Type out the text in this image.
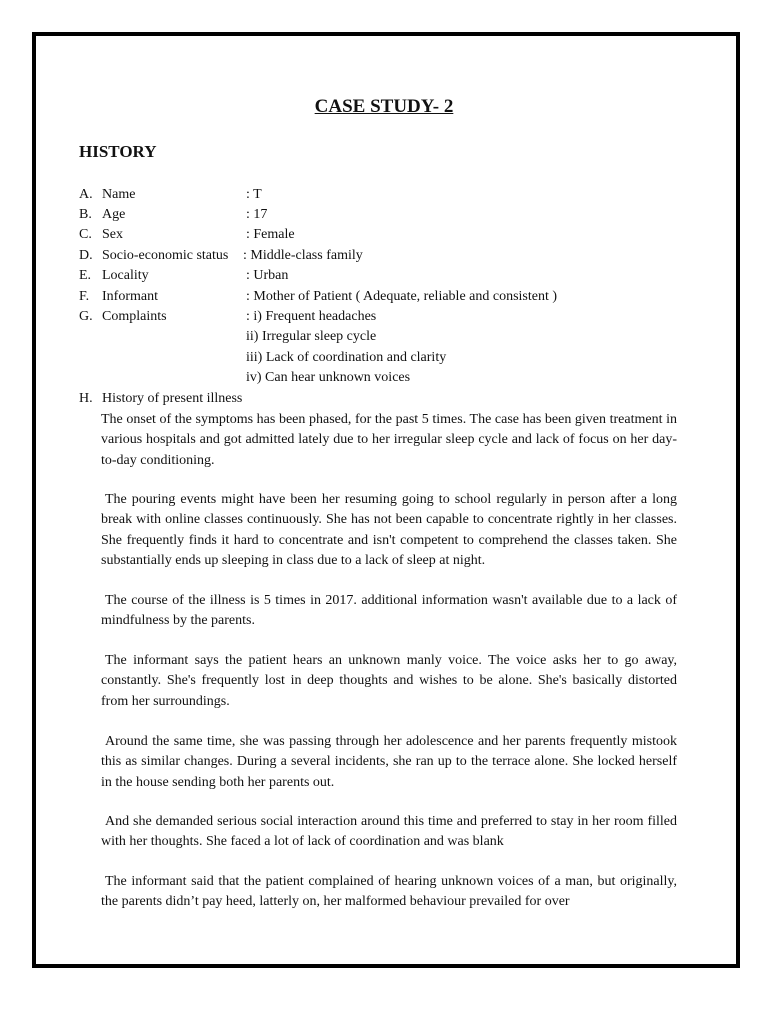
CASE STUDY- 2
HISTORY
A. Name	: T
B. Age	: 17
C. Sex	: Female
D. Socio-economic status : Middle-class family
E. Locality	: Urban
F. Informant	: Mother of Patient ( Adequate, reliable and consistent )
G. Complaints	: i) Frequent headaches
ii) Irregular sleep cycle
iii) Lack of coordination and clarity
iv) Can hear unknown voices
H. History of present illness

The onset of the symptoms has been phased, for the past 5 times. The case has been given treatment in various hospitals and got admitted lately due to her irregular sleep cycle and lack of focus on her day-to-day conditioning.

The pouring events might have been her resuming going to school regularly in person after a long break with online classes continuously. She has not been capable to concentrate rightly in her classes. She frequently finds it hard to concentrate and isn't competent to comprehend the classes taken. She substantially ends up sleeping in class due to a lack of sleep at night.

The course of the illness is 5 times in 2017. additional information wasn't available due to a lack of mindfulness by the parents.

The informant says the patient hears an unknown manly voice. The voice asks her to go away, constantly. She's frequently lost in deep thoughts and wishes to be alone. She's basically distorted from her surroundings.

Around the same time, she was passing through her adolescence and her parents frequently mistook this as similar changes. During a several incidents, she ran up to the terrace alone. She locked herself in the house sending both her parents out.

And she demanded serious social interaction around this time and preferred to stay in her room filled with her thoughts. She faced a lot of lack of coordination and was blank

The informant said that the patient complained of hearing unknown voices of a man, but originally, the parents didn’t pay heed, latterly on, her malformed behaviour prevailed for over
